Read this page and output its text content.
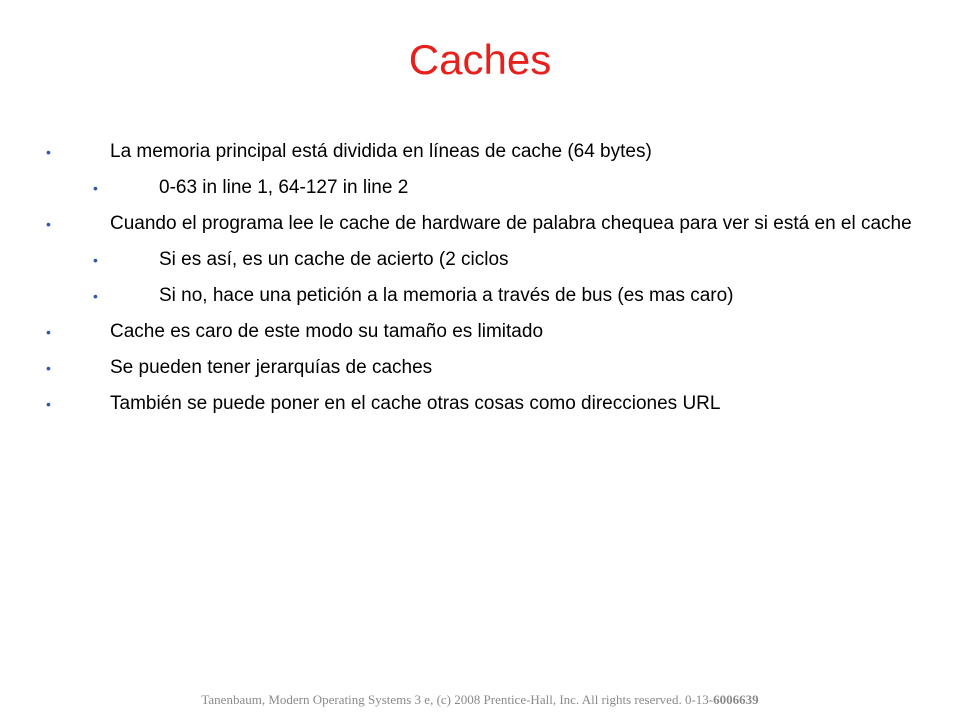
Caches
•	La memoria principal está dividida en líneas de cache (64 bytes)
•	0-63 in line 1, 64-127 in line 2
•	Cuando el programa lee le cache de hardware de palabra chequea para ver si está en el cache
•	Si es así, es un cache de acierto (2 ciclos
•	Si no, hace una petición a la memoria a través de bus (es mas caro)
•	Cache es caro de este modo su tamaño es limitado
•	Se pueden tener jerarquías de caches
•	También se puede poner en el cache otras cosas como direcciones URL
Tanenbaum, Modern Operating Systems 3 e, (c) 2008 Prentice-Hall, Inc. All rights reserved. 0-13-6006639
